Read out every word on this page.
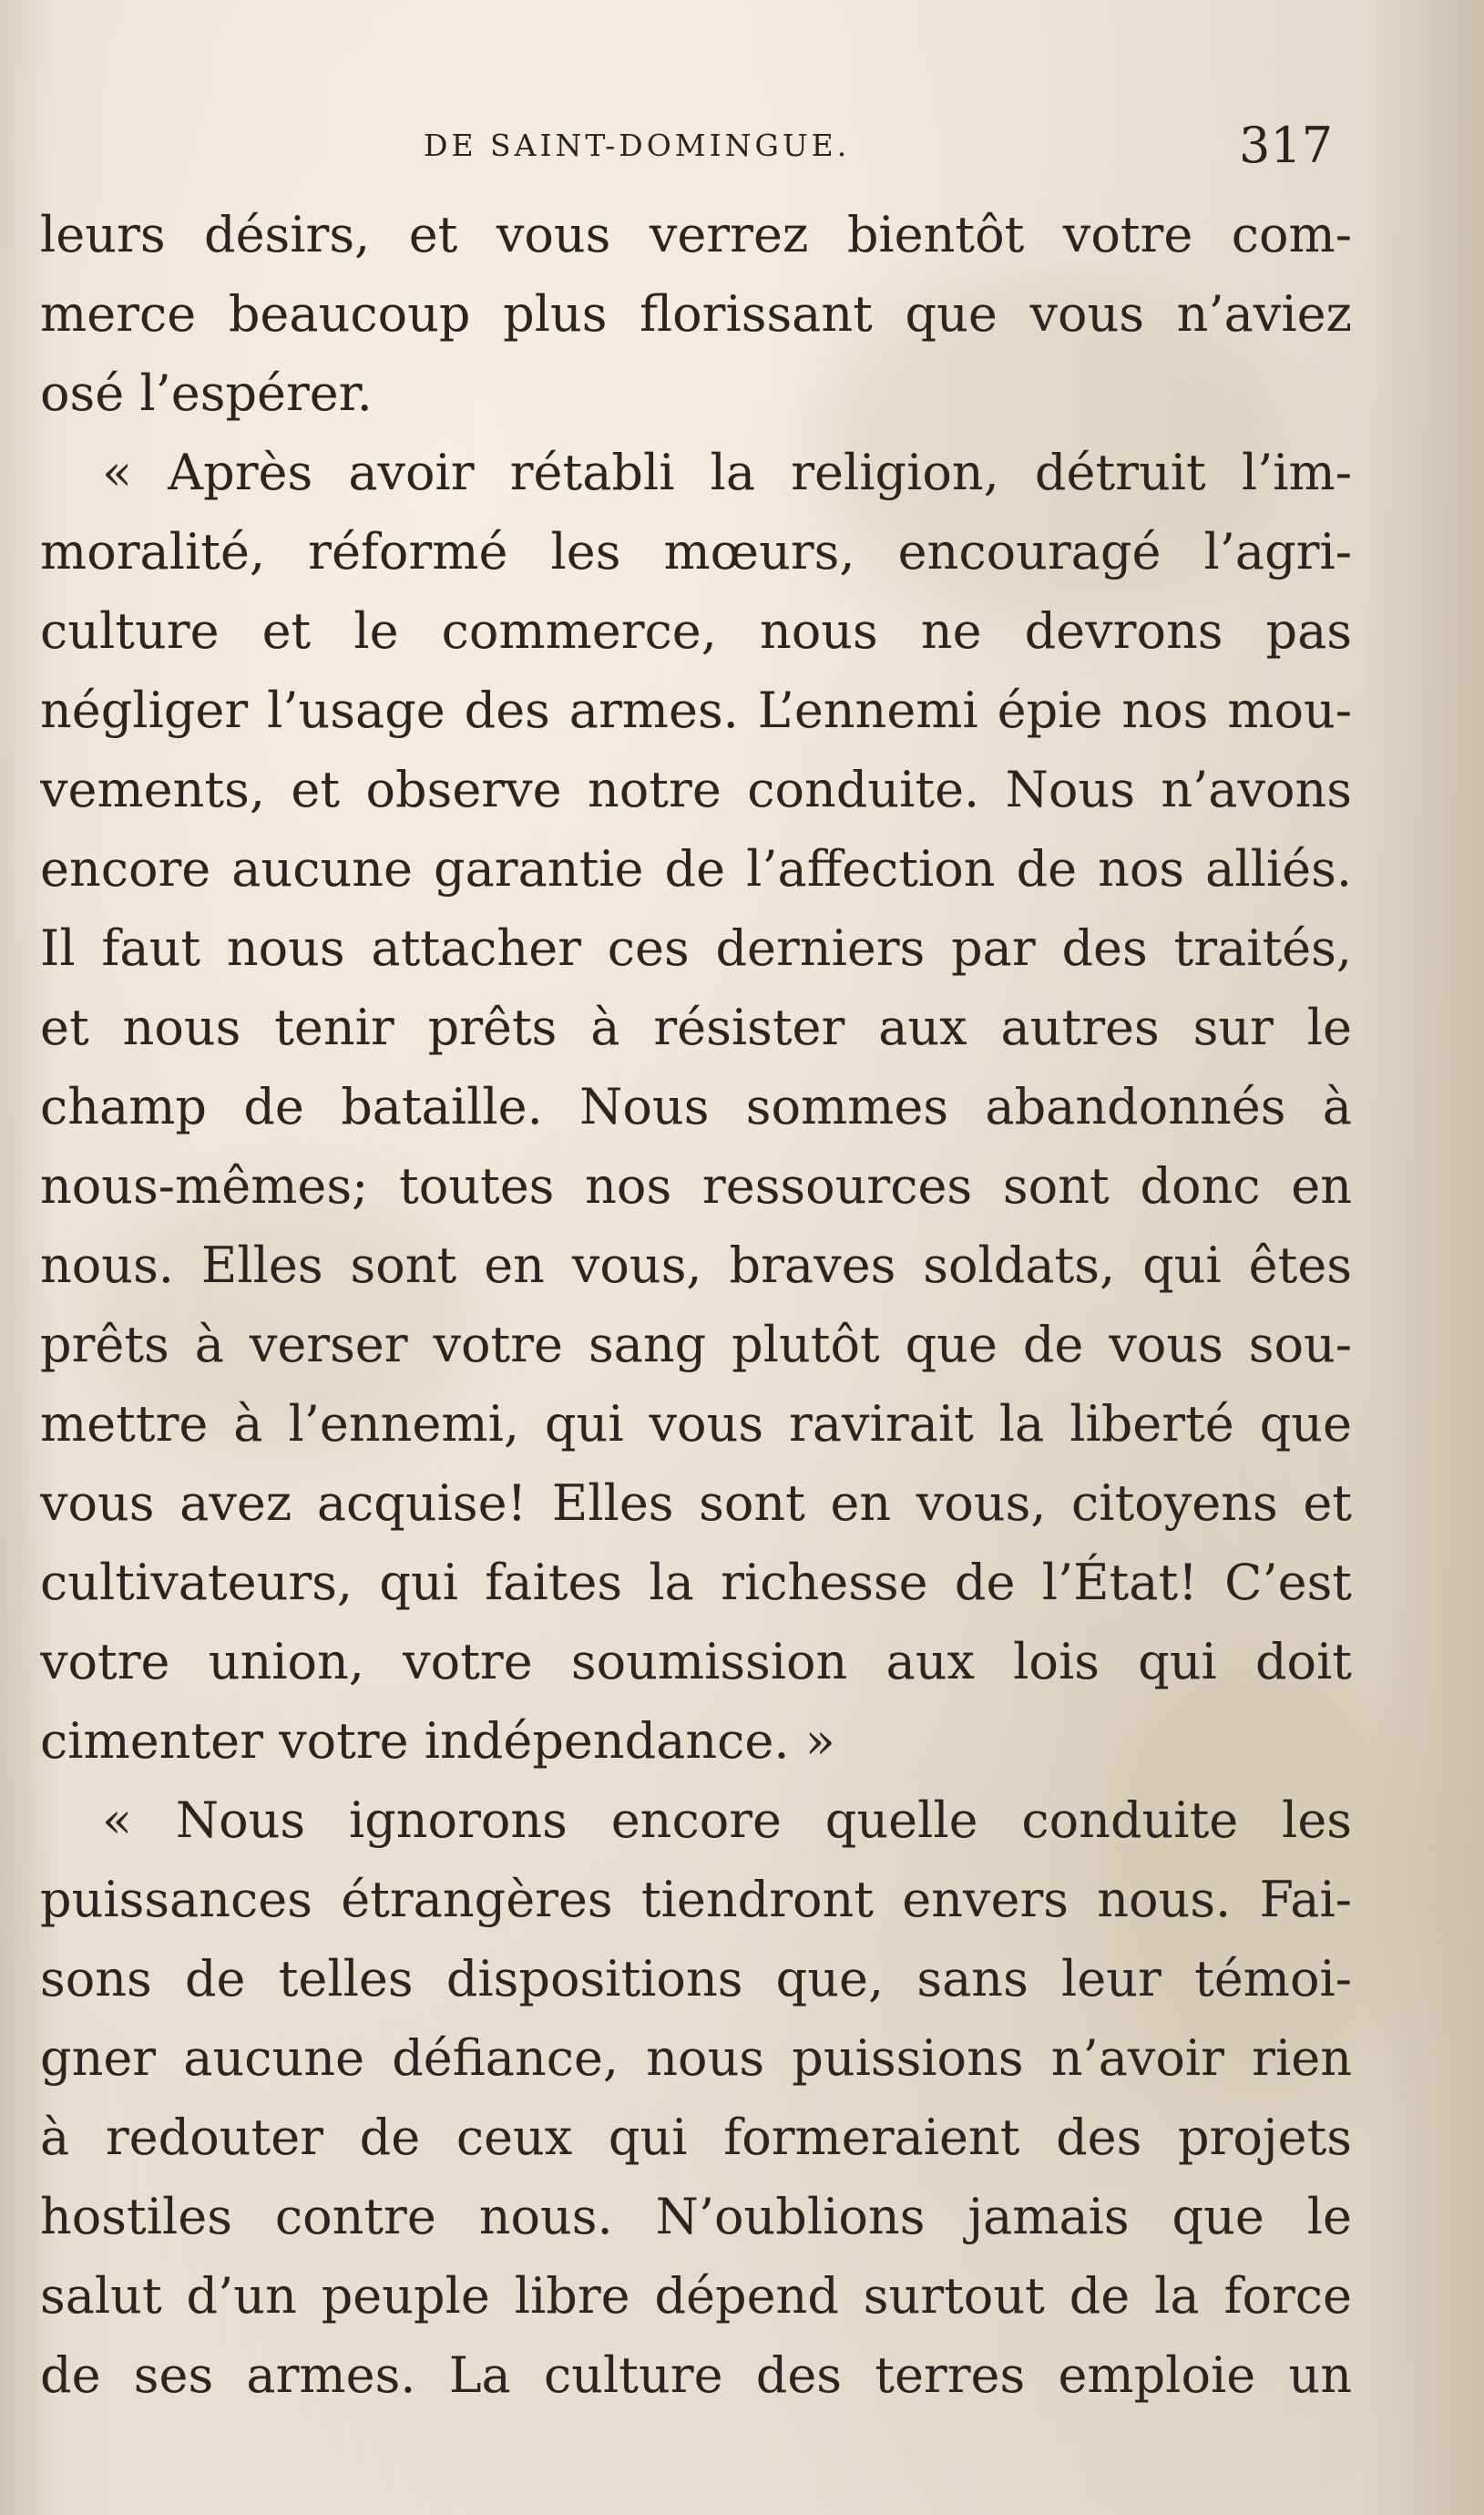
DE SAINT-DOMINGUE.	317
leurs désirs, et vous verrez bientôt votre com-
merce beaucoup plus florissant que vous n’aviez
osé l’espérer.
« Après avoir rétabli la religion, détruit l’im-
moralité, réformé les mœurs, encouragé l’agri-
culture et le commerce, nous ne devrons pas
négliger l’usage des armes. L’ennemi épie nos mou-
vements, et observe notre conduite. Nous n’avons
encore aucune garantie de l’affection de nos alliés.
Il faut nous attacher ces derniers par des traités,
et nous tenir prêts à résister aux autres sur le
champ de bataille. Nous sommes abandonnés à
nous-mêmes; toutes nos ressources sont donc en
nous. Elles sont en vous, braves soldats, qui êtes
prêts à verser votre sang plutôt que de vous sou-
mettre à l’ennemi, qui vous ravirait la liberté que
vous avez acquise! Elles sont en vous, citoyens et
cultivateurs, qui faites la richesse de l’État! C’est
votre union, votre soumission aux lois qui doit
cimenter votre indépendance. »
« Nous ignorons encore quelle conduite les
puissances étrangères tiendront envers nous. Fai-
sons de telles dispositions que, sans leur témoi-
gner aucune défiance, nous puissions n’avoir rien
à redouter de ceux qui formeraient des projets
hostiles contre nous. N’oublions jamais que le
salut d’un peuple libre dépend surtout de la force
de ses armes. La culture des terres emploie un
